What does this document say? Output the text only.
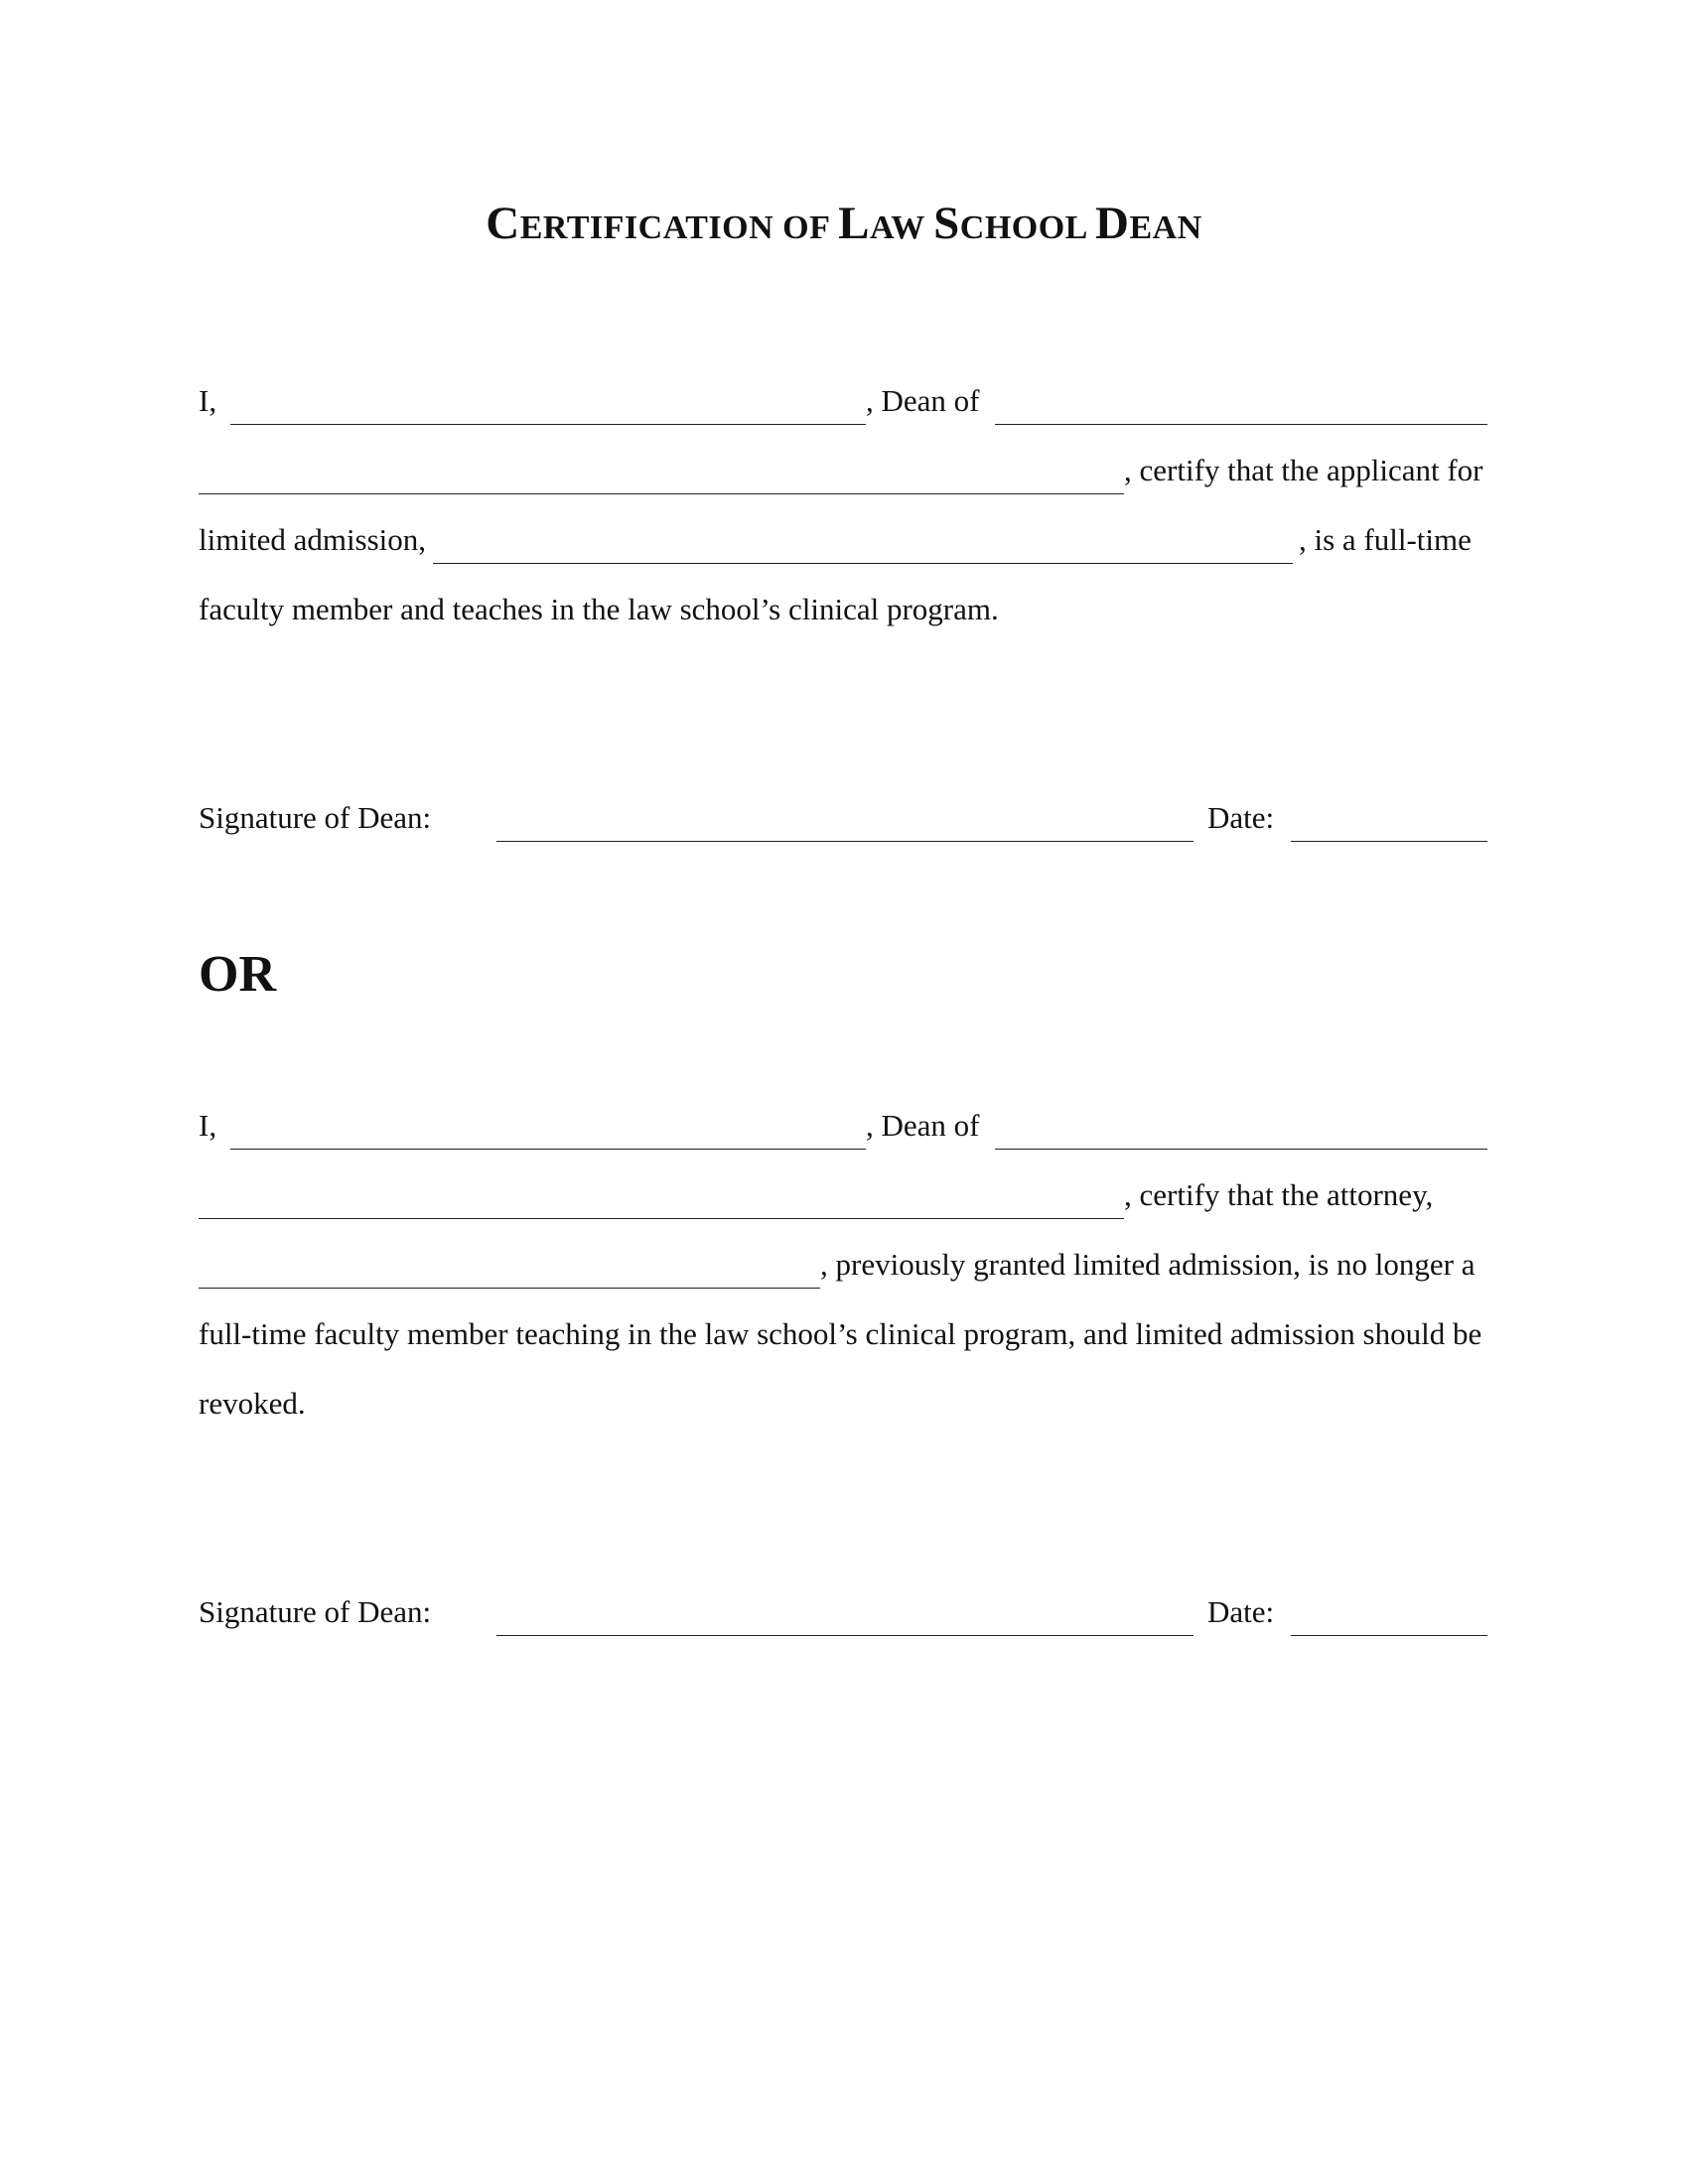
CERTIFICATION OF LAW SCHOOL DEAN
I,	, Dean of
, certify that the applicant for
limited admission,	, is a full-time
faculty member and teaches in the law school’s clinical program.
Signature of Dean:	Date:
OR
I,	, Dean of
, certify that the attorney,
, previously granted limited admission, is no longer a
full-time faculty member teaching in the law school’s clinical program, and limited admission should be
revoked.
Signature of Dean:	Date:
